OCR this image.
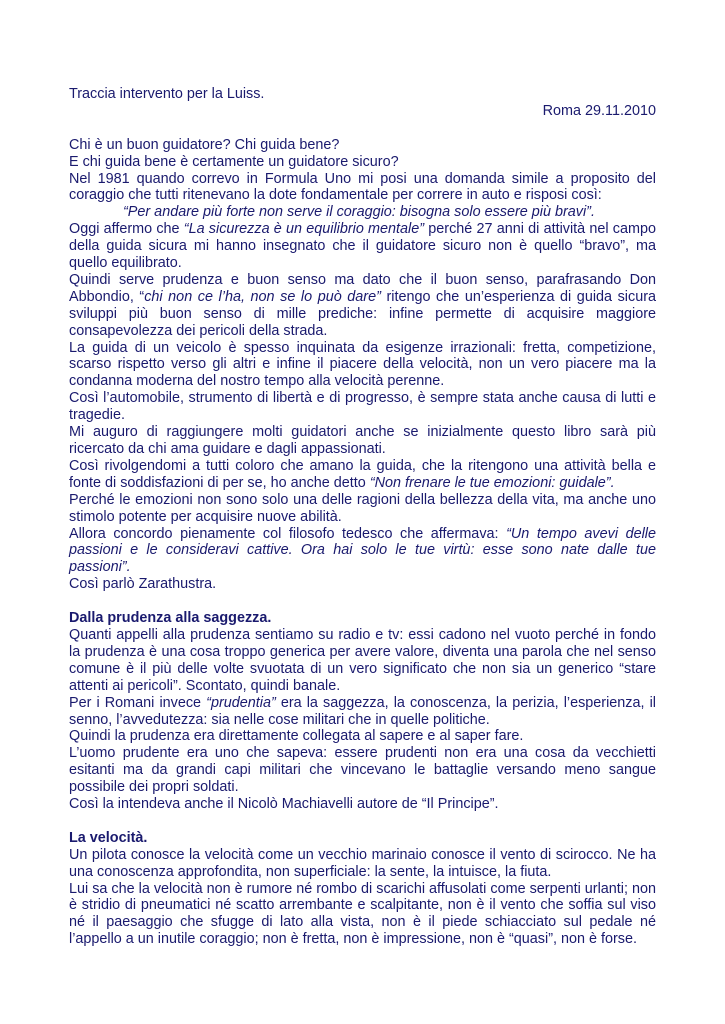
Traccia intervento per la Luiss.

Roma 29.11.2010

Chi è un buon guidatore? Chi guida bene?

E chi guida bene è certamente un guidatore sicuro?

Nel 1981 quando correvo in Formula Uno mi posi una domanda simile a proposito del coraggio che tutti ritenevano la dote fondamentale per correre in auto e risposi così:

“Per andare più forte non serve il coraggio: bisogna solo essere più bravi”.

Oggi affermo che “La sicurezza è un equilibrio mentale” perché 27 anni di attività nel campo della guida sicura mi hanno insegnato che il guidatore sicuro non è quello “bravo”, ma quello equilibrato.

Quindi serve prudenza e buon senso ma dato che il buon senso, parafrasando Don Abbondio, “chi non ce l’ha, non se lo può dare” ritengo che un’esperienza di guida sicura sviluppi più buon senso di mille prediche: infine permette di acquisire maggiore consapevolezza dei pericoli della strada.

La guida di un veicolo è spesso inquinata da esigenze irrazionali: fretta, competizione, scarso rispetto verso gli altri e infine il piacere della velocità, non un vero piacere ma la condanna moderna del nostro tempo alla velocità perenne.

Così l’automobile, strumento di libertà e di progresso, è sempre stata anche causa di lutti e tragedie.

Mi auguro di raggiungere molti guidatori anche se inizialmente questo libro sarà più ricercato da chi ama guidare e dagli appassionati.

Così rivolgendomi a tutti coloro che amano la guida, che la ritengono una attività bella e fonte di soddisfazioni di per se, ho anche detto “Non frenare le tue emozioni: guidale”.

Perché le emozioni non sono solo una delle ragioni della bellezza della vita, ma anche uno stimolo potente per acquisire nuove abilità.

Allora concordo pienamente col filosofo tedesco che affermava: “Un tempo avevi delle passioni e le consideravi cattive. Ora hai solo le tue virtù: esse sono nate dalle tue passioni”.

Così parlò Zarathustra.

Dalla prudenza alla saggezza.

Quanti appelli alla prudenza sentiamo su radio e tv: essi cadono nel vuoto perché in fondo la prudenza è una cosa troppo generica per avere valore, diventa una parola che nel senso comune è il più delle volte svuotata di un vero significato che non sia un generico “stare attenti ai pericoli”. Scontato, quindi banale.

Per i Romani invece “prudentia” era la saggezza, la conoscenza, la perizia, l’esperienza, il senno, l’avvedutezza: sia nelle cose militari che in quelle politiche.

Quindi la prudenza era direttamente collegata al sapere e al saper fare.

L’uomo prudente era uno che sapeva: essere prudenti non era una cosa da vecchietti esitanti ma da grandi capi militari che vincevano le battaglie versando meno sangue possibile dei propri soldati.

Così la intendeva anche il Nicolò Machiavelli autore de “Il Principe”.

La velocità.

Un pilota conosce la velocità come un vecchio marinaio conosce il vento di scirocco. Ne ha una conoscenza approfondita, non superficiale: la sente, la intuisce, la fiuta.

Lui sa che la velocità non è rumore né rombo di scarichi affusolati come serpenti urlanti; non è stridio di pneumatici né scatto arrembante e scalpitante, non è il vento che soffia sul viso né il paesaggio che sfugge di lato alla vista, non è il piede schiacciato sul pedale né l’appello a un inutile coraggio; non è fretta, non è impressione, non è “quasi”, non è forse.
